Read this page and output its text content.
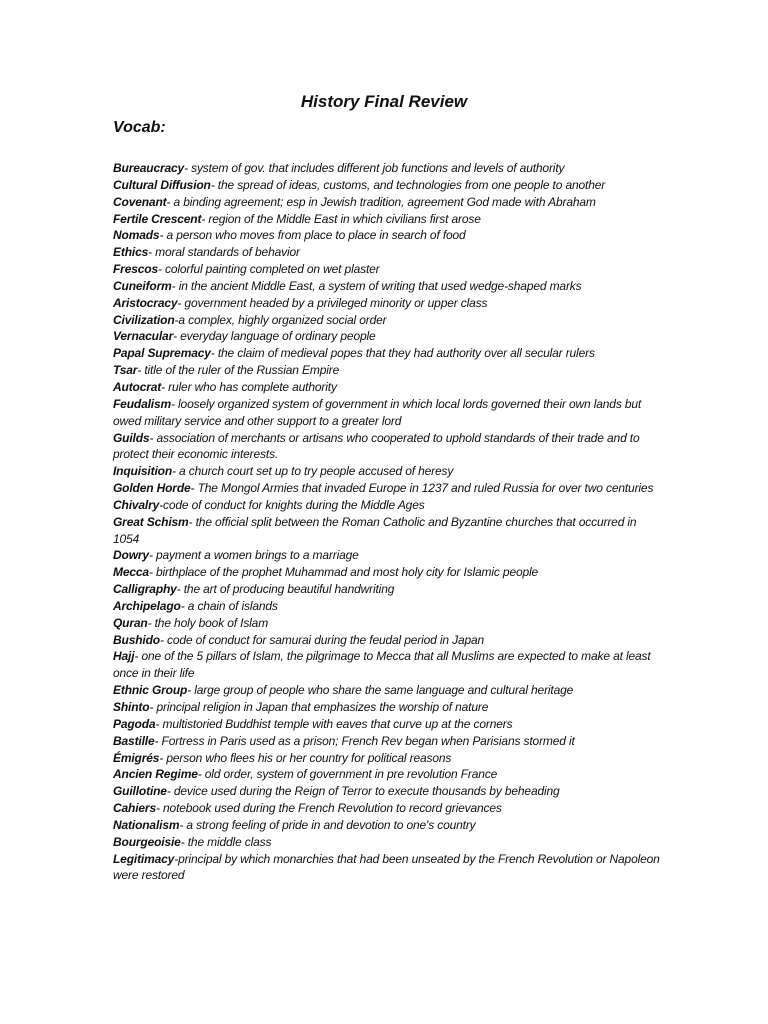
History Final Review
Vocab:
Bureaucracy- system of gov. that includes different job functions and levels of authority
Cultural Diffusion- the spread of ideas, customs, and technologies from one people to another
Covenant- a binding agreement; esp in Jewish tradition, agreement God made with Abraham
Fertile Crescent- region of the Middle East in which civilians first arose
Nomads- a person who moves from place to place in search of food
Ethics- moral standards of behavior
Frescos- colorful painting completed on wet plaster
Cuneiform- in the ancient Middle East, a system of writing that used wedge-shaped marks
Aristocracy- government headed by a privileged minority or upper class
Civilization-a complex, highly organized social order
Vernacular- everyday language of ordinary people
Papal Supremacy- the claim of medieval popes that they had authority over all secular rulers
Tsar- title of the ruler of the Russian Empire
Autocrat- ruler who has complete authority
Feudalism- loosely organized system of government in which local lords governed their own lands but owed military service and other support to a greater lord
Guilds- association of merchants or artisans who cooperated to uphold standards of their trade and to protect their economic interests.
Inquisition- a church court set up to try people accused of heresy
Golden Horde- The Mongol Armies that invaded Europe in 1237 and ruled Russia for over two centuries
Chivalry-code of conduct for knights during the Middle Ages
Great Schism- the official split between the Roman Catholic and Byzantine churches that occurred in 1054
Dowry- payment a women brings to a marriage
Mecca- birthplace of the prophet Muhammad and most holy city for Islamic people
Calligraphy- the art of producing beautiful handwriting
Archipelago- a chain of islands
Quran- the holy book of Islam
Bushido- code of conduct for samurai during the feudal period in Japan
Hajj- one of the 5 pillars of Islam, the pilgrimage to Mecca that all Muslims are expected to make at least once in their life
Ethnic Group- large group of people who share the same language and cultural heritage
Shinto- principal religion in Japan that emphasizes the worship of nature
Pagoda- multistoried Buddhist temple with eaves that curve up at the corners
Bastille- Fortress in Paris used as a prison; French Rev began when Parisians stormed it
Émigrés- person who flees his or her country for political reasons
Ancien Regime- old order, system of government in pre revolution France
Guillotine- device used during the Reign of Terror to execute thousands by beheading
Cahiers- notebook used during the French Revolution to record grievances
Nationalism- a strong feeling of pride in and devotion to one's country
Bourgeoisie- the middle class
Legitimacy-principal by which monarchies that had been unseated by the French Revolution or Napoleon were restored
